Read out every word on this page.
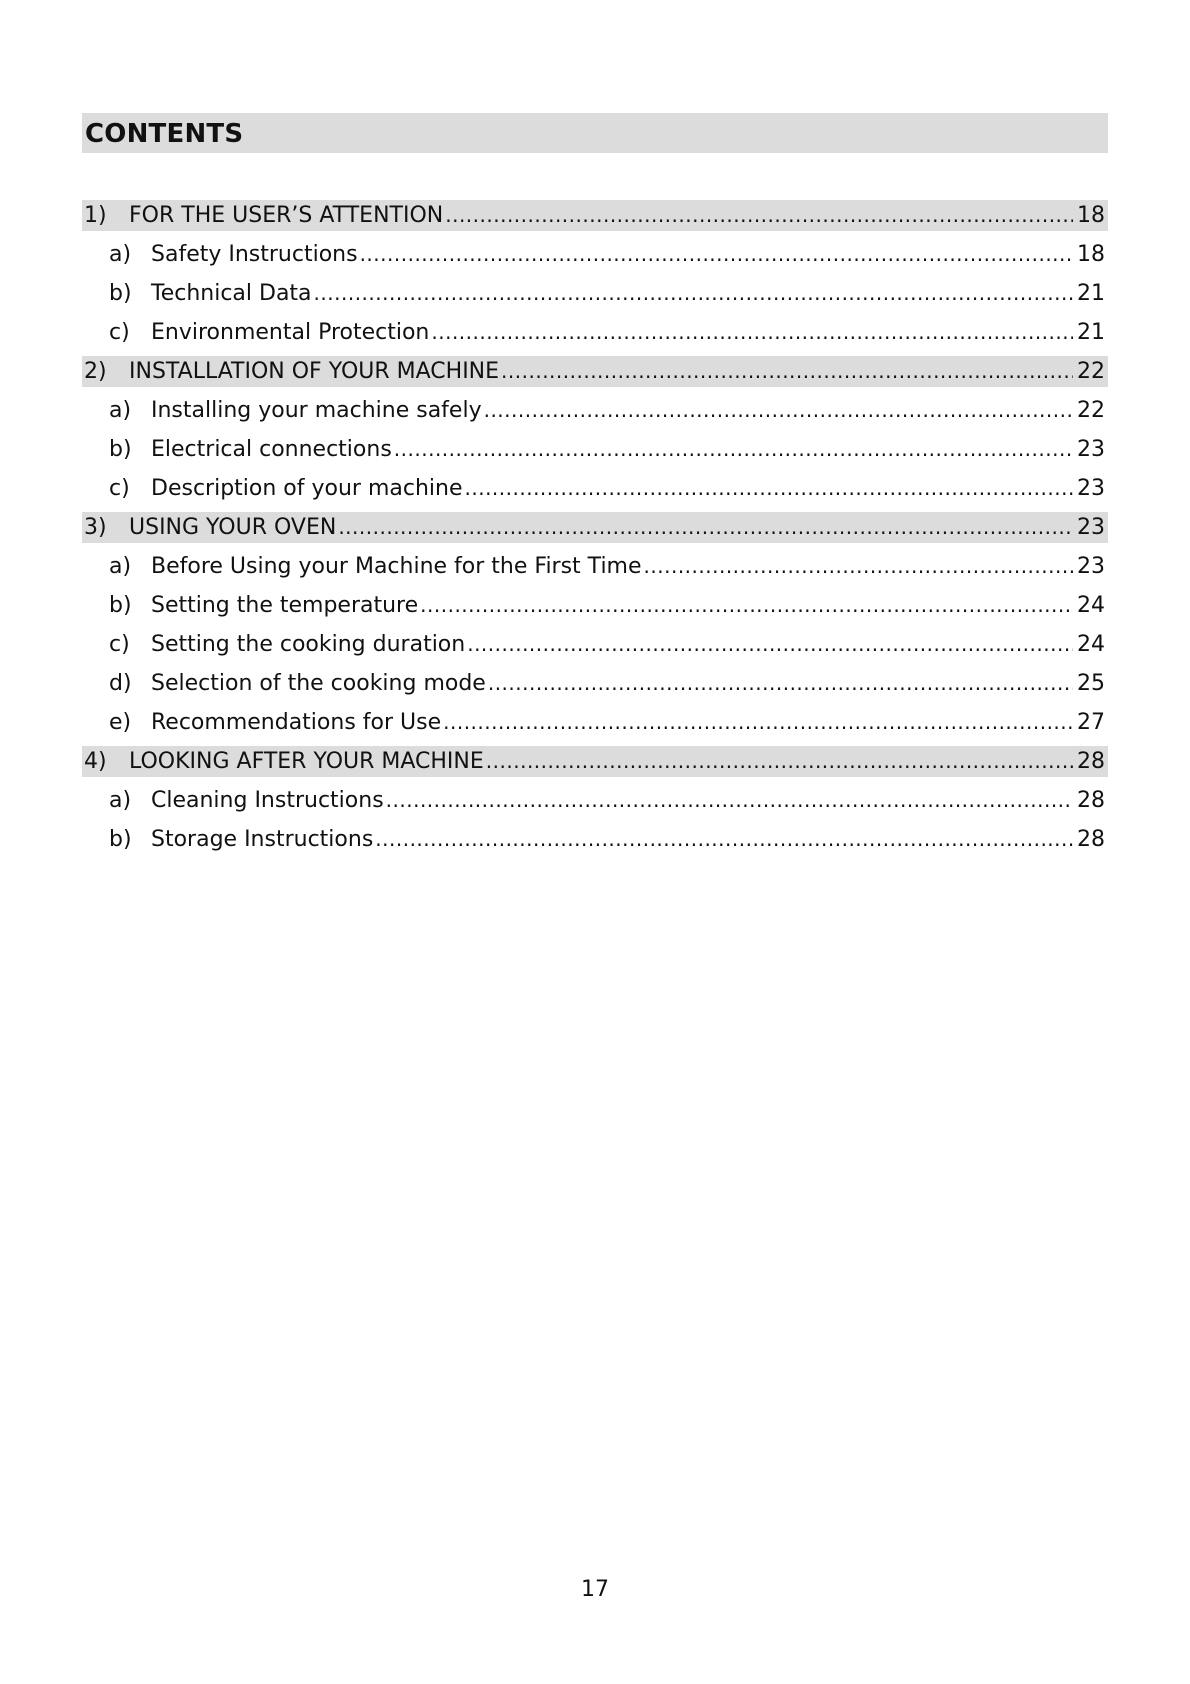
CONTENTS
1)	FOR THE USER’S ATTENTION .....	18
a) Safety Instructions .....	18
b) Technical Data .....	21
c) Environmental Protection .....	21
2)	INSTALLATION OF YOUR MACHINE .....	22
a) Installing your machine safely .....	22
b) Electrical connections .....	23
c) Description of your machine .....	23
3)	USING YOUR OVEN .....	23
a) Before Using your Machine for the First Time .....	23
b) Setting the temperature .....	24
c) Setting the cooking duration .....	24
d) Selection of the cooking mode .....	25
e) Recommendations for Use .....	27
4)	LOOKING AFTER YOUR MACHINE .....	28
a) Cleaning Instructions .....	28
b) Storage Instructions .....	28
17
